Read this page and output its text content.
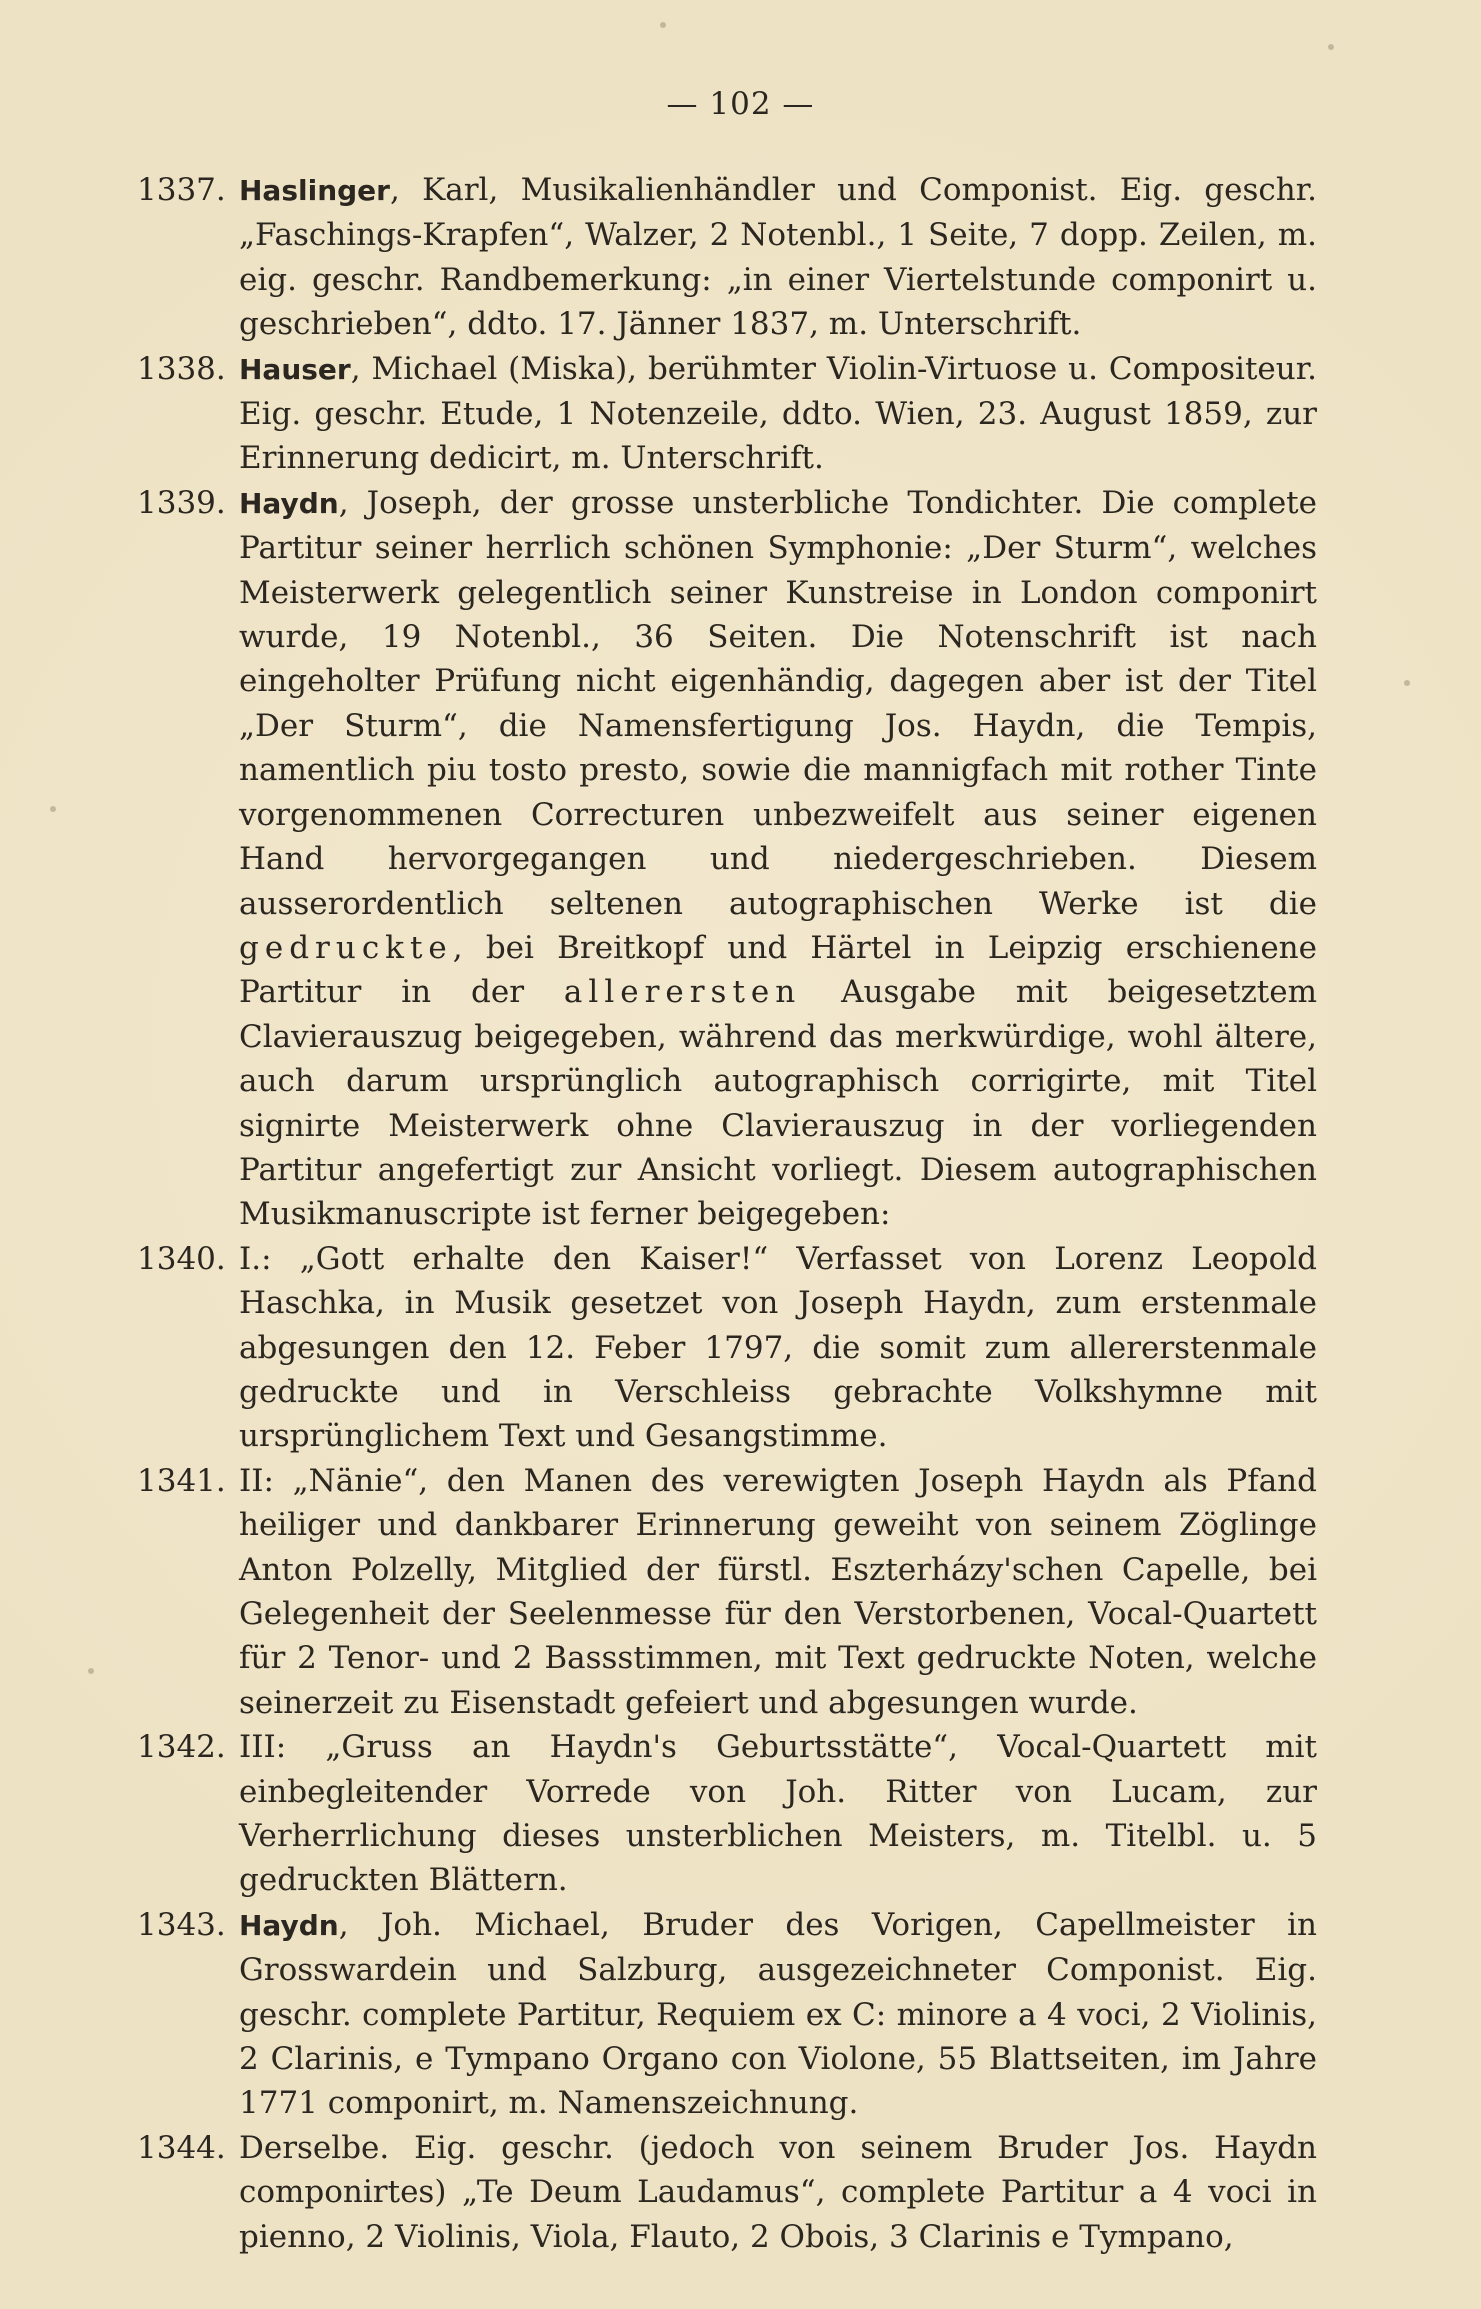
— 102 —
1337. Haslinger, Karl, Musikalienhändler und Componist. Eig. geschr. „Faschings-Krapfen“, Walzer, 2 Notenbl., 1 Seite, 7 dopp. Zeilen, m. eig. geschr. Randbemerkung: „in einer Viertelstunde componirt u. geschrieben“, ddto. 17. Jänner 1837, m. Unterschrift.
1338. Hauser, Michael (Miska), berühmter Violin-Virtuose u. Compositeur. Eig. geschr. Etude, 1 Notenzeile, ddto. Wien, 23. August 1859, zur Erinnerung dedicirt, m. Unterschrift.
1339. Haydn, Joseph, der grosse unsterbliche Tondichter. Die complete Partitur seiner herrlich schönen Symphonie: „Der Sturm“, welches Meisterwerk gelegentlich seiner Kunstreise in London componirt wurde, 19 Notenbl., 36 Seiten. Die Notenschrift ist nach eingeholter Prüfung nicht eigenhändig, dagegen aber ist der Titel „Der Sturm“, die Namensfertigung Jos. Haydn, die Tempis, namentlich piu tosto presto, sowie die mannigfach mit rother Tinte vorgenommenen Correcturen unbezweifelt aus seiner eigenen Hand hervorgegangen und niedergeschrieben. Diesem ausserordentlich seltenen autographischen Werke ist die gedruckte, bei Breitkopf und Härtel in Leipzig erschienene Partitur in der allerersten Ausgabe mit beigesetztem Clavierauszug beigegeben, während das merkwürdige, wohl ältere, auch darum ursprünglich autographisch corrigirte, mit Titel signirte Meisterwerk ohne Clavierauszug in der vorliegenden Partitur angefertigt zur Ansicht vorliegt. Diesem autographischen Musikmanuscripte ist ferner beigegeben:
1340. I.: „Gott erhalte den Kaiser!“ Verfasset von Lorenz Leopold Haschka, in Musik gesetzet von Joseph Haydn, zum erstenmale abgesungen den 12. Feber 1797, die somit zum allererstenmale gedruckte und in Verschleiss gebrachte Volkshymne mit ursprünglichem Text und Gesangstimme.
1341. II: „Nänie“, den Manen des verewigten Joseph Haydn als Pfand heiliger und dankbarer Erinnerung geweiht von seinem Zöglinge Anton Polzelly, Mitglied der fürstl. Eszterházy'schen Capelle, bei Gelegenheit der Seelenmesse für den Verstorbenen, Vocal-Quartett für 2 Tenor- und 2 Bassstimmen, mit Text gedruckte Noten, welche seinerzeit zu Eisenstadt gefeiert und abgesungen wurde.
1342. III: „Gruss an Haydn's Geburtsstätte“, Vocal-Quartett mit einbegleitender Vorrede von Joh. Ritter von Lucam, zur Verherrlichung dieses unsterblichen Meisters, m. Titelbl. u. 5 gedruckten Blättern.
1343. Haydn, Joh. Michael, Bruder des Vorigen, Capellmeister in Grosswardein und Salzburg, ausgezeichneter Componist. Eig. geschr. complete Partitur, Requiem ex C: minore a 4 voci, 2 Violinis, 2 Clarinis, e Tympano Organo con Violone, 55 Blattseiten, im Jahre 1771 componirt, m. Namenszeichnung.
1344. Derselbe. Eig. geschr. (jedoch von seinem Bruder Jos. Haydn componirtes) „Te Deum Laudamus“, complete Partitur a 4 voci in pienno, 2 Violinis, Viola, Flauto, 2 Obois, 3 Clarinis e Tympano,
